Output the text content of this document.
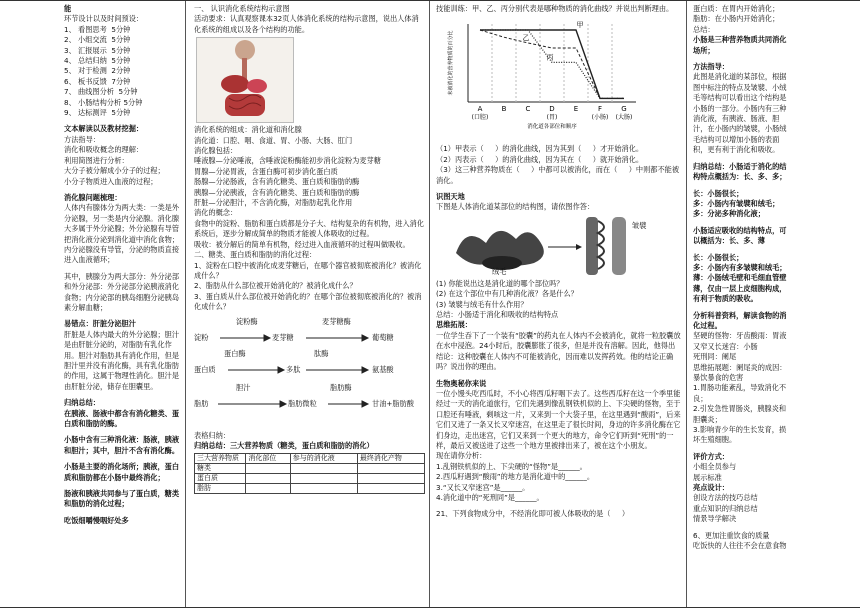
能
环节设计以及时间预设：
1、 看图思考  5分钟
2、 小组交流  5分钟
3、 汇报展示  5分钟
4、 总结归纳  5分钟
5、 对于检测  2分钟
6、 板书反馈  7分钟
7、 曲线图分析  5分钟
8、 小肠结构分析 5分钟
9、 达标测评  5分钟
文本解读以及教材挖掘：
方法指导：
消化和吸收概念的理解：
利用简图进行分析：
大分子被分解成小分子的过程；
小分子物质进入血液的过程；
消化腺问题梳理：
人体内有腺体分为两大类：一类是外分泌腺，另一类是内分泌腺。消化腺大多属于外分泌腺；外分泌腺有导管把消化液分泌到消化道中消化食物；内分泌腺没有导管，分泌的物质直接进入血液循环；
其中，胰腺分为两大部分：外分泌部和外分泌部：外分泌部分泌胰液消化食物；内分泌部的胰岛细胞分泌胰岛素分解血糖；
易错点：肝脏分泌胆汁
肝脏是人体内最大的外分泌腺；胆汁是由肝脏分泌的，对脂肪有乳化作用。胆汁对脂肪具有消化作用，但是胆汁里并没有消化酶，具有乳化脂肪的作用，这属于物理性消化。胆汁是由肝脏分泌，储存在胆囊里。
归纳总结：
在胰液、肠液中都含有消化糖类、蛋白质和脂肪的酶。
小肠中含有三种消化液：肠液，胰液和胆汁；其中，胆汁不含有消化酶。
小肠是主要的消化场所；胰液，蛋白质和脂肪都在小肠中最终消化；
肠液和胰液共同参与了蛋白质，糖类和脂肪的消化过程；
吃饭细嚼慢咽好处多
一、 认识消化系统结构示意图
活动要求：认真观察课本32页人体消化系统的结构示意图，说出人体消化系统的组成以及各个结构的功能。
消化系统的组成：消化道和消化腺
消化道：口腔、咽、食道、胃、小肠、大肠、肛门
消化腺包括：
唾液腺—分泌唾液，含唾液淀粉酶能初步消化淀粉为麦芽糖
胃腺—分泌胃液，含蛋白酶可初步消化蛋白质
肠腺—分泌肠液，含有消化糖类、蛋白质和脂肪的酶
胰腺—分泌胰液，含有消化糖类、蛋白质和脂肪的酶
肝脏—分泌胆汁，不含消化酶，对脂肪起乳化作用
消化的概念：
食物中的淀粉、脂肪和蛋白质都是分子大、结构复杂的有机物，进入消化系统后，逐步分解成简单的物质才能被人体吸收的过程。
吸收：被分解后的简单有机物，经过进入血液循环的过程叫做吸收。
二、糖类、蛋白质和脂肪的消化过程：
1、淀粉在口腔中被消化成麦芽糖后，在哪个器官被彻底被消化？被消化成什么？
2、脂肪从什么部位被开始消化的？被消化成什么？
3、蛋白质从什么部位被开始消化的？在哪个部位被彻底被消化的？被消化成什么？
淀粉酶	麦芽糖酶
淀粉	麦芽糖	葡萄糖
蛋白酶	肽酶
蛋白质	多肽	氨基酸
胆汁	脂肪酶
脂肪	脂肪微粒	甘油+脂肪酸
表格归纳：
归纳总结：三大营养物质（糖类，蛋白质和脂肪的消化）
三大营养物质	消化部位	参与的消化液	最终消化产物
糖类			
蛋白质			
脂肪			
技能训练：甲、乙、丙分别代表是哪种物质的消化曲线？并说出判断理由。
A
(口腔)
B	C	D
(胃)
E	F
(小肠)
G
(大肠)
甲
乙
丙
未被消化的营养物质的百分比
消化道各部位和顺序
（1）甲表示（     ）的消化曲线，因为其到（     ）才开始消化。
（2）丙表示（     ）的消化曲线，因为其在（     ）就开始消化。
（3）这三种营养物质在（     ）中都可以被消化，而在（     ）中则都不能被消化。
识图天地
下图是人体消化道某部位的结构图，请依图作答：
皱襞
绒毛
(1) 你能说出这是消化道的哪个部位吗？
(2) 在这个部位中有几种消化液？各是什么？
(3) 皱襞与绒毛有什么作用？
总结：小肠适于消化和吸收的结构特点
思维拓展：
一位学生吞下了一个装有“胶囊”的药丸在人体内不会被消化，就将一粒胶囊放在水中浸泡。24小时后，胶囊膨胀了很多，但是并没有溶解。因此，他得出结论：这种胶囊在人体内不可能被消化，因而难以发挥药效。他的结论正确吗？说出你的理由。
生物奥秘你来说
一位小馒头吃西瓜时，不小心将西瓜籽咽下去了。这些西瓜籽在这一个季里能经过一天的消化道旅行，它们先遇到像乱钢铁机似的上、下尖硬的怪物，至于口腔还有唾液，剩咳这一片，又来到一个大袋子里，在这里遇到“酸雨”，后来它们又进了一条又长又窄迷宫，在这里走了很长时间，身边的许多消化酶在它们身边，走出迷宫，它们又来到一个更大的地方，命令它们听到“死刑”的一样，最后又被送进了这些一个地方里被排出来了，被在这个小朋友。
现在请你分析：
1.乱钢铁机似的上、下尖硬的“怪物”是______。
2.西瓜籽遇到“酸雨”的地方是消化道中的______。
3.“又长又窄迷宫”是______。
4.消化道中的“死刑同”是______。
21、下列食物成分中，不经消化即可被人体吸收的是（     ）
蛋白质：在胃内开始消化；
脂肪：在小肠内开始消化；
总结：
小肠是三种营养物质共同消化场所；
方法指导：
此图是消化道的某部位，根据图中标注的特点及皱襞、小绒毛等结构可以看出这个结构是小肠的一部分。小肠内有三种消化液，有胰液、肠液、胆汁，在小肠内的皱襞，小肠绒毛结构可以增加小肠的表面积，更有利于消化和吸收。
归纳总结：小肠适于消化的结构特点概括为：长、多、多；
长：小肠很长；
多：小肠内有皱襞和绒毛；
多：分泌多种消化液；
小肠适应吸收的结构特点，可以概括为：长、多、薄
长：小肠很长；
多：小肠内有多皱襞和绒毛；
薄：小肠绒毛壁和毛细血管壁薄，仅由一层上皮细胞构成，有利于物质的吸收。
分析科普资料，解读食物的消化过程。
坚硬的怪物：牙齿酸雨：胃液又窄又长迷宫：小肠
死刑同：阑尾
思维拓展题：阑尾炎的成因：
暴饮暴食的危害
1.胃肠功能紊乱，导致消化不良；
2.引发急性胃肠炎，胰腺炎和胆囊炎；
3.影响青少年的生长发育，损坏生殖细胞。
评价方式：
小组全员参与
展示标准
亮点设计：
创设方法的技巧总结
重点知识的归纳总结
情景导学解决
6、更加注重饮食的质量
吃饭快的人往往不会在意食物
